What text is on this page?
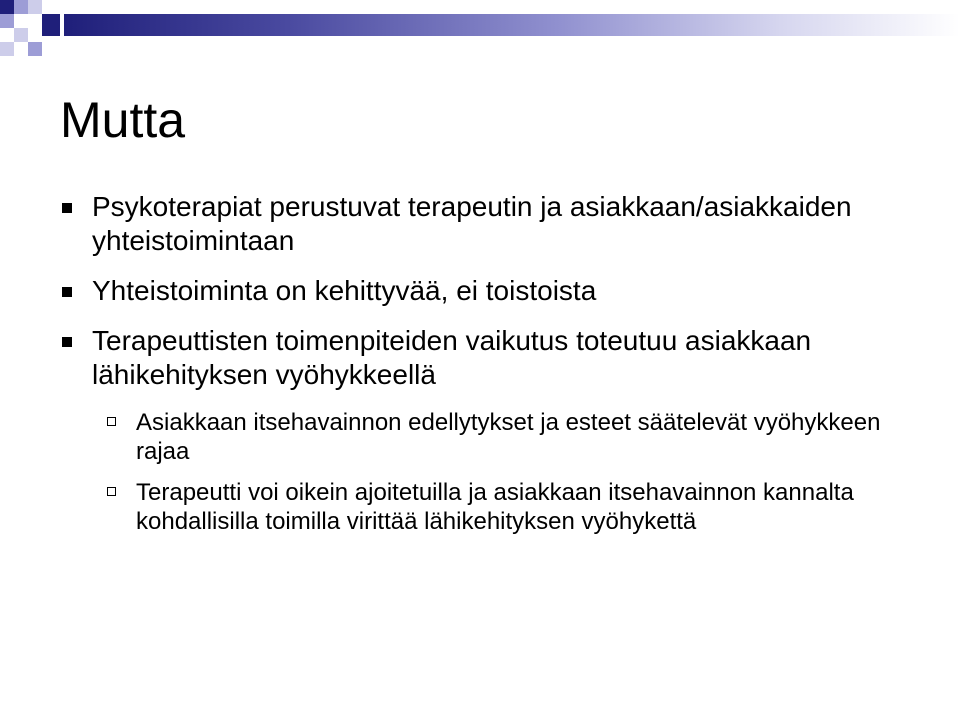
Mutta
Psykoterapiat perustuvat terapeutin ja asiakkaan/asiakkaiden yhteistoimintaan
Yhteistoiminta on kehittyvää, ei toistoista
Terapeuttisten toimenpiteiden vaikutus toteutuu asiakkaan lähikehityksen vyöhykkeellä
Asiakkaan itsehavainnon edellytykset ja esteet säätelevät vyöhykkeen rajaa
Terapeutti voi oikein ajoitetuilla ja asiakkaan itsehavainnon kannalta kohdallisilla toimilla virittää lähikehityksen vyöhykettä
